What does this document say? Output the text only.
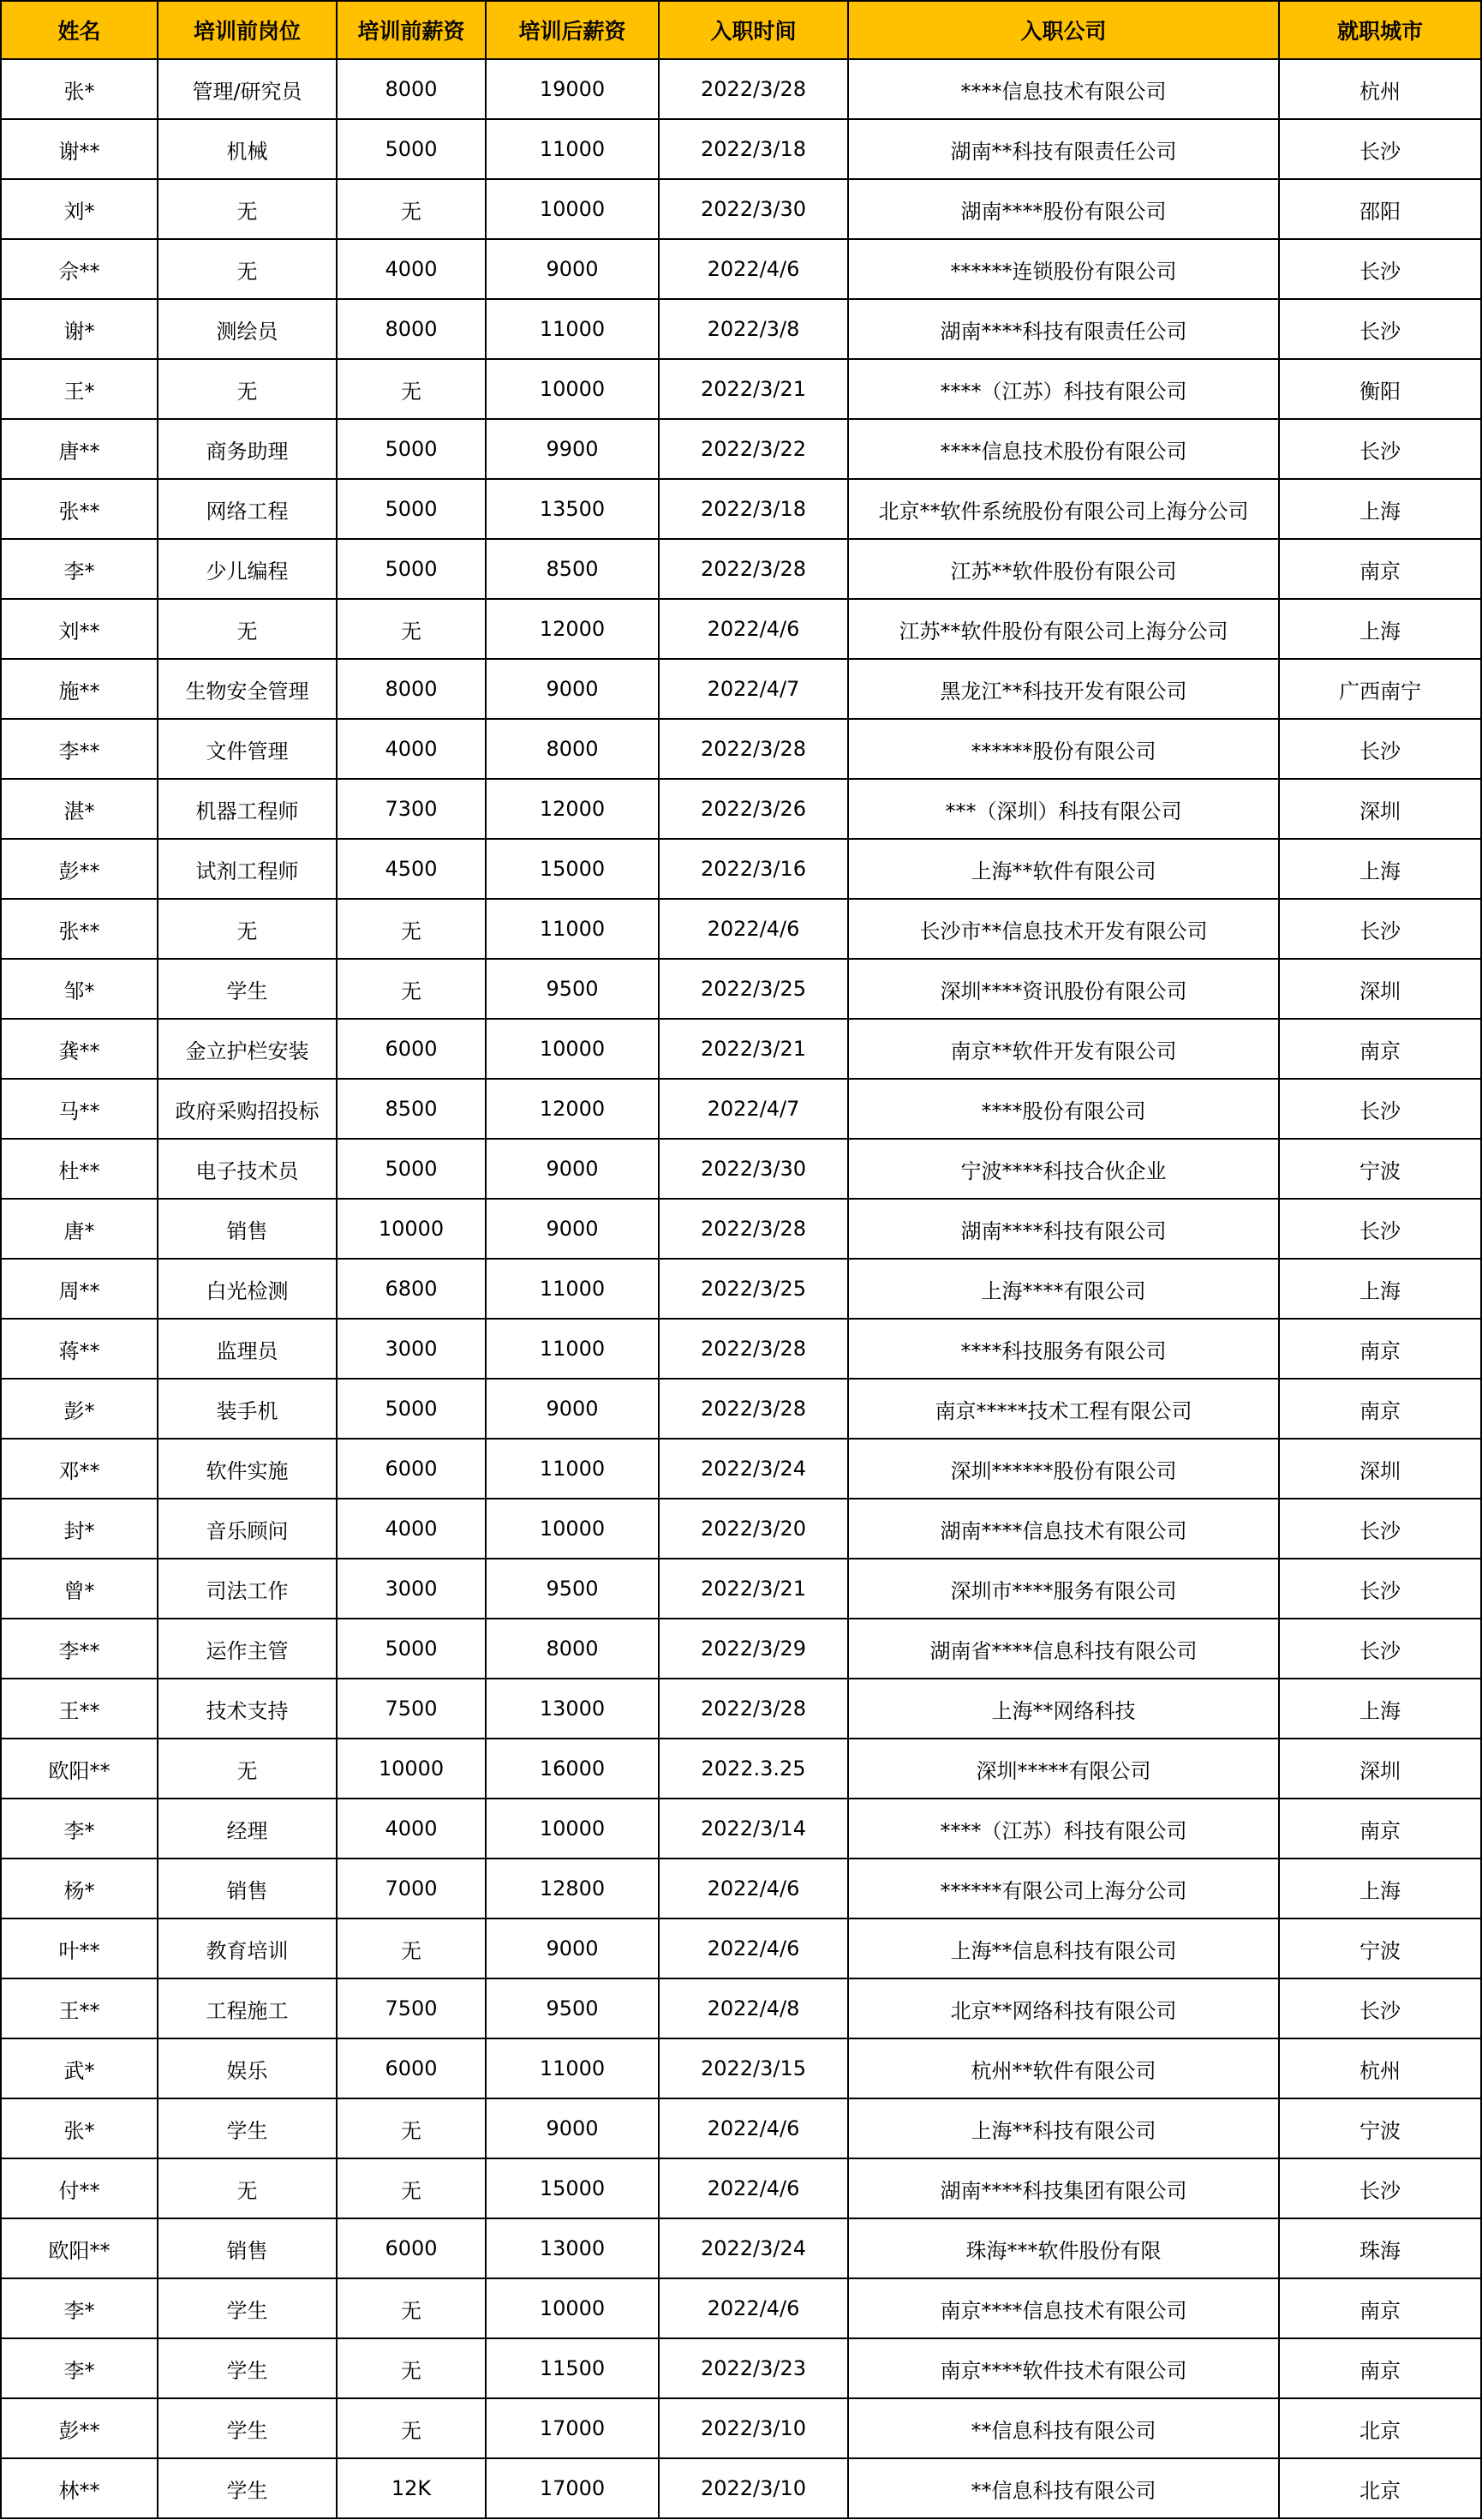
姓名	培训前岗位	培训前薪资	培训后薪资	入职时间	入职公司	就职城市
张*	管理/研究员	8000	19000	2022/3/28	****信息技术有限公司	杭州
谢**	机械	5000	11000	2022/3/18	湖南**科技有限责任公司	长沙
刘*	无	无	10000	2022/3/30	湖南****股份有限公司	邵阳
佘**	无	4000	9000	2022/4/6	******连锁股份有限公司	长沙
谢*	测绘员	8000	11000	2022/3/8	湖南****科技有限责任公司	长沙
王*	无	无	10000	2022/3/21	****（江苏）科技有限公司	衡阳
唐**	商务助理	5000	9900	2022/3/22	****信息技术股份有限公司	长沙
张**	网络工程	5000	13500	2022/3/18	北京**软件系统股份有限公司上海分公司	上海
李*	少儿编程	5000	8500	2022/3/28	江苏**软件股份有限公司	南京
刘**	无	无	12000	2022/4/6	江苏**软件股份有限公司上海分公司	上海
施**	生物安全管理	8000	9000	2022/4/7	黑龙江**科技开发有限公司	广西南宁
李**	文件管理	4000	8000	2022/3/28	******股份有限公司	长沙
湛*	机器工程师	7300	12000	2022/3/26	***（深圳）科技有限公司	深圳
彭**	试剂工程师	4500	15000	2022/3/16	上海**软件有限公司	上海
张**	无	无	11000	2022/4/6	长沙市**信息技术开发有限公司	长沙
邹*	学生	无	9500	2022/3/25	深圳****资讯股份有限公司	深圳
龚**	金立护栏安装	6000	10000	2022/3/21	南京**软件开发有限公司	南京
马**	政府采购招投标	8500	12000	2022/4/7	****股份有限公司	长沙
杜**	电子技术员	5000	9000	2022/3/30	宁波****科技合伙企业	宁波
唐*	销售	10000	9000	2022/3/28	湖南****科技有限公司	长沙
周**	白光检测	6800	11000	2022/3/25	上海****有限公司	上海
蒋**	监理员	3000	11000	2022/3/28	****科技服务有限公司	南京
彭*	装手机	5000	9000	2022/3/28	南京*****技术工程有限公司	南京
邓**	软件实施	6000	11000	2022/3/24	深圳******股份有限公司	深圳
封*	音乐顾问	4000	10000	2022/3/20	湖南****信息技术有限公司	长沙
曾*	司法工作	3000	9500	2022/3/21	深圳市****服务有限公司	长沙
李**	运作主管	5000	8000	2022/3/29	湖南省****信息科技有限公司	长沙
王**	技术支持	7500	13000	2022/3/28	上海**网络科技	上海
欧阳**	无	10000	16000	2022.3.25	深圳*****有限公司	深圳
李*	经理	4000	10000	2022/3/14	****（江苏）科技有限公司	南京
杨*	销售	7000	12800	2022/4/6	******有限公司上海分公司	上海
叶**	教育培训	无	9000	2022/4/6	上海**信息科技有限公司	宁波
王**	工程施工	7500	9500	2022/4/8	北京**网络科技有限公司	长沙
武*	娱乐	6000	11000	2022/3/15	杭州**软件有限公司	杭州
张*	学生	无	9000	2022/4/6	上海**科技有限公司	宁波
付**	无	无	15000	2022/4/6	湖南****科技集团有限公司	长沙
欧阳**	销售	6000	13000	2022/3/24	珠海***软件股份有限	珠海
李*	学生	无	10000	2022/4/6	南京****信息技术有限公司	南京
李*	学生	无	11500	2022/3/23	南京****软件技术有限公司	南京
彭**	学生	无	17000	2022/3/10	**信息科技有限公司	北京
林**	学生	12K	17000	2022/3/10	**信息科技有限公司	北京
